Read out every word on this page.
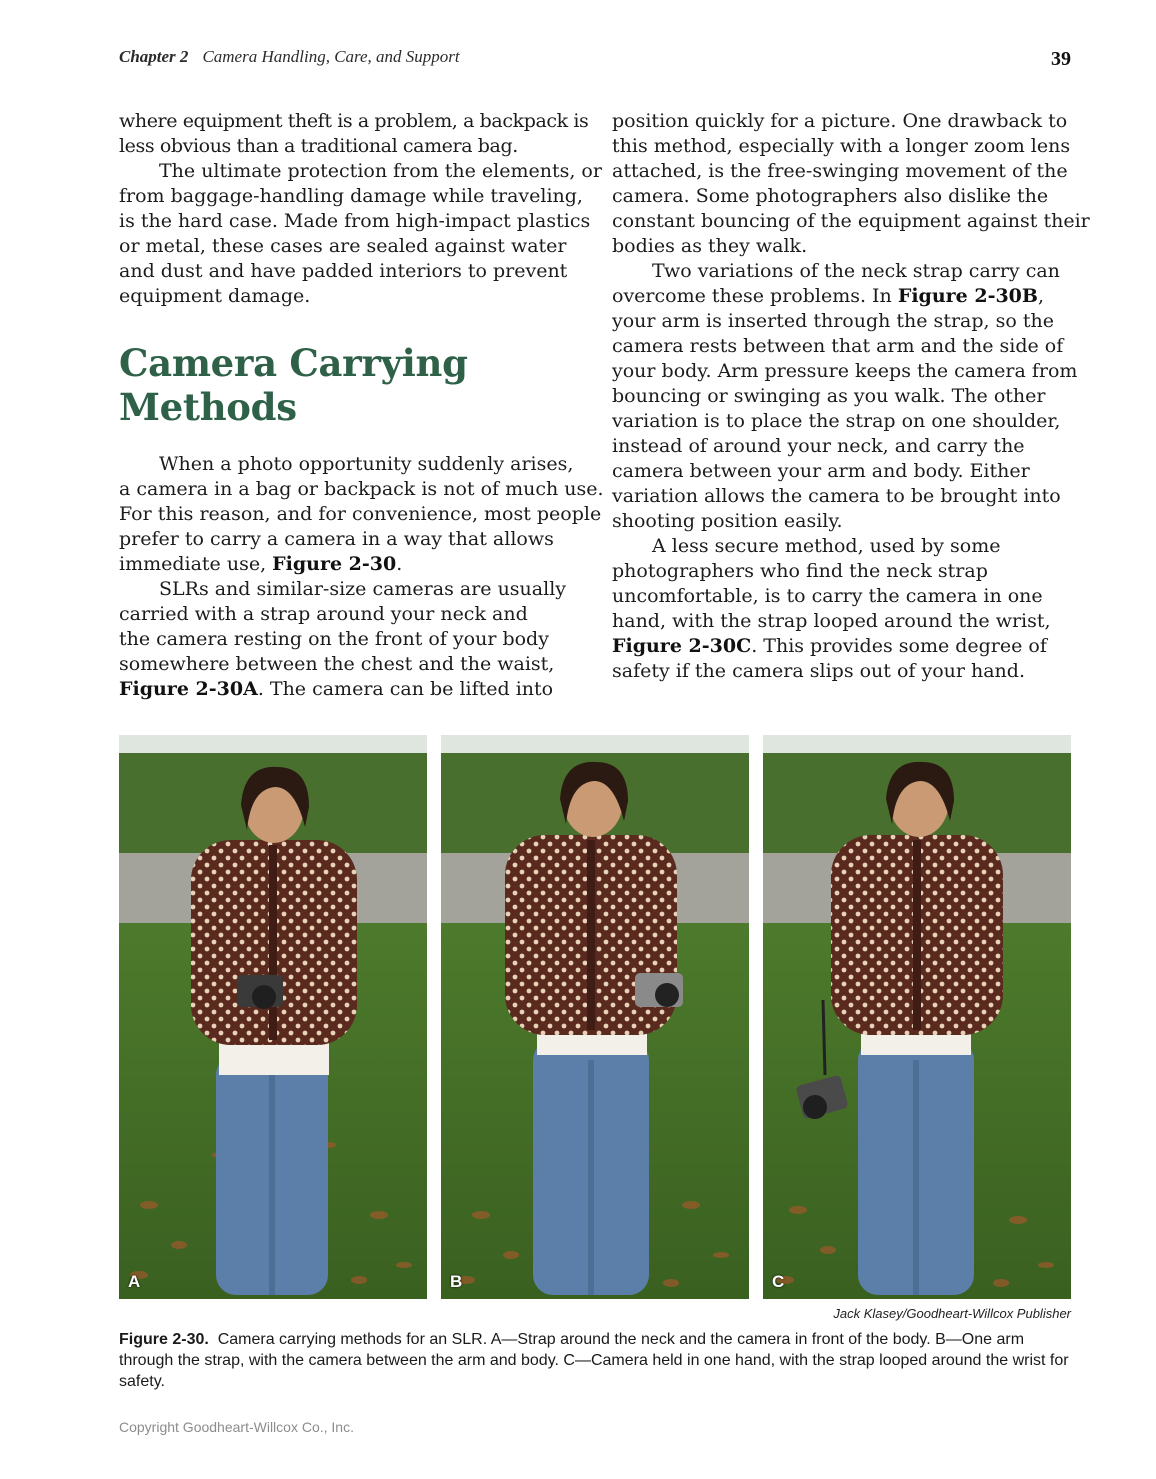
Chapter 2 Camera Handling, Care, and Support	39

where equipment theft is a problem, a backpack is
less obvious than a traditional camera bag.

The ultimate protection from the elements, or
from baggage-handling damage while traveling,
is the hard case. Made from high-impact plastics
or metal, these cases are sealed against water
and dust and have padded interiors to prevent
equipment damage.

Camera Carrying
Methods

When a photo opportunity suddenly arises,
a camera in a bag or backpack is not of much use.
For this reason, and for convenience, most people
prefer to carry a camera in a way that allows
immediate use, Figure 2-30.

SLRs and similar-size cameras are usually
carried with a strap around your neck and
the camera resting on the front of your body
somewhere between the chest and the waist,
Figure 2-30A. The camera can be lifted into

position quickly for a picture. One drawback to
this method, especially with a longer zoom lens
attached, is the free-swinging movement of the
camera. Some photographers also dislike the
constant bouncing of the equipment against their
bodies as they walk.

Two variations of the neck strap carry can
overcome these problems. In Figure 2-30B,
your arm is inserted through the strap, so the
camera rests between that arm and the side of
your body. Arm pressure keeps the camera from
bouncing or swinging as you walk. The other
variation is to place the strap on one shoulder,
instead of around your neck, and carry the
camera between your arm and body. Either
variation allows the camera to be brought into
shooting position easily.

A less secure method, used by some
photographers who find the neck strap
uncomfortable, is to carry the camera in one
hand, with the strap looped around the wrist,
Figure 2-30C. This provides some degree of
safety if the camera slips out of your hand.

A	B	C
Jack Klasey/Goodheart-Willcox Publisher
Figure 2-30. Camera carrying methods for an SLR. A—Strap around the neck and the camera in front of the body. B—One arm through the strap, with the camera between the arm and body. C—Camera held in one hand, with the strap looped around the wrist for safety.
Copyright Goodheart-Willcox Co., Inc.
